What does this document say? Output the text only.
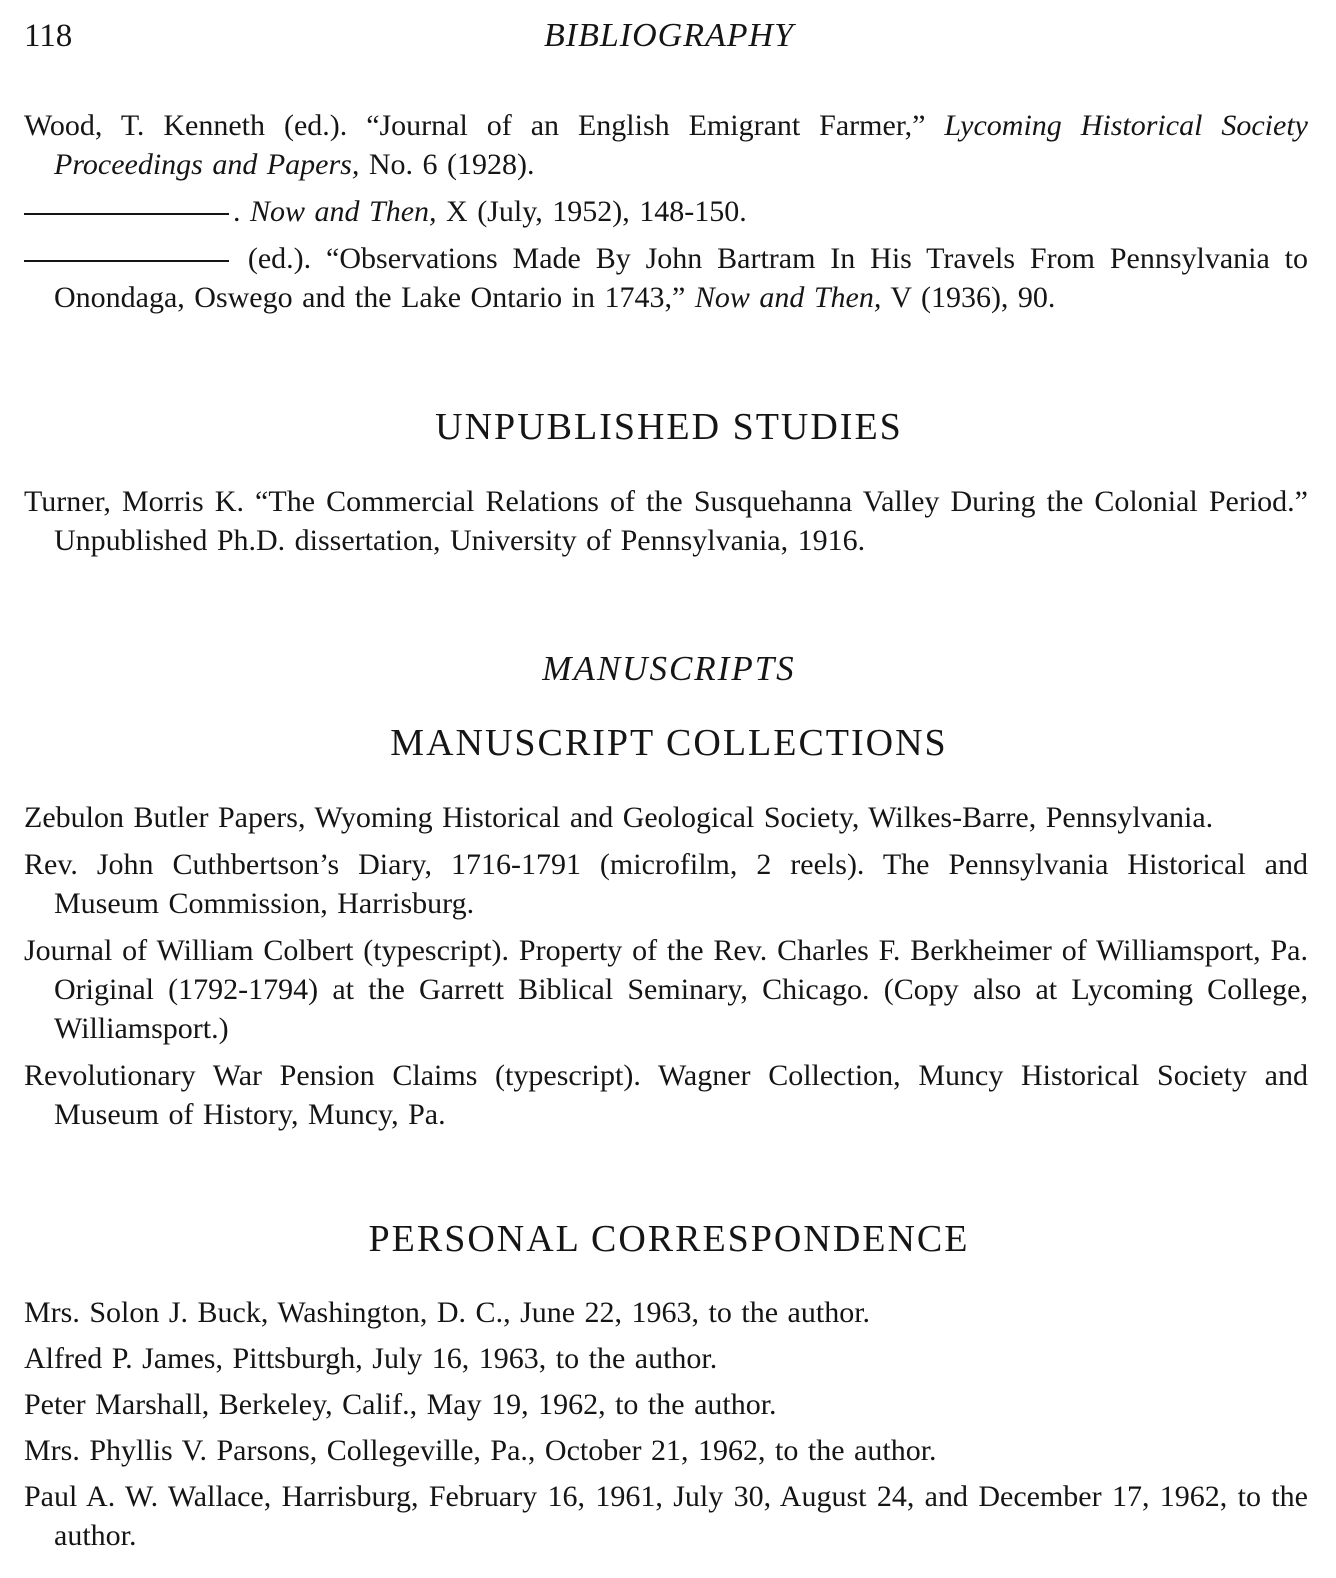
118	BIBLIOGRAPHY
Wood, T. Kenneth (ed.). “Journal of an English Emigrant Farmer,” Lycoming Historical Society Proceedings and Papers, No. 6 (1928).
. Now and Then, X (July, 1952), 148-150.
(ed.). “Observations Made By John Bartram In His Travels From Pennsylvania to Onondaga, Oswego and the Lake Ontario in 1743,” Now and Then, V (1936), 90.
UNPUBLISHED STUDIES
Turner, Morris K. “The Commercial Relations of the Susquehanna Valley During the Colonial Period.” Unpublished Ph.D. dissertation, University of Pennsylvania, 1916.
MANUSCRIPTS
MANUSCRIPT COLLECTIONS
Zebulon Butler Papers, Wyoming Historical and Geological Society, Wilkes-Barre, Pennsylvania.
Rev. John Cuthbertson’s Diary, 1716-1791 (microfilm, 2 reels). The Pennsylvania Historical and Museum Commission, Harrisburg.
Journal of William Colbert (typescript). Property of the Rev. Charles F. Berkheimer of Williamsport, Pa. Original (1792-1794) at the Garrett Biblical Seminary, Chicago. (Copy also at Lycoming College, Williamsport.)
Revolutionary War Pension Claims (typescript). Wagner Collection, Muncy Historical Society and Museum of History, Muncy, Pa.
PERSONAL CORRESPONDENCE
Mrs. Solon J. Buck, Washington, D. C., June 22, 1963, to the author.
Alfred P. James, Pittsburgh, July 16, 1963, to the author.
Peter Marshall, Berkeley, Calif., May 19, 1962, to the author.
Mrs. Phyllis V. Parsons, Collegeville, Pa., October 21, 1962, to the author.
Paul A. W. Wallace, Harrisburg, February 16, 1961, July 30, August 24, and December 17, 1962, to the author.
